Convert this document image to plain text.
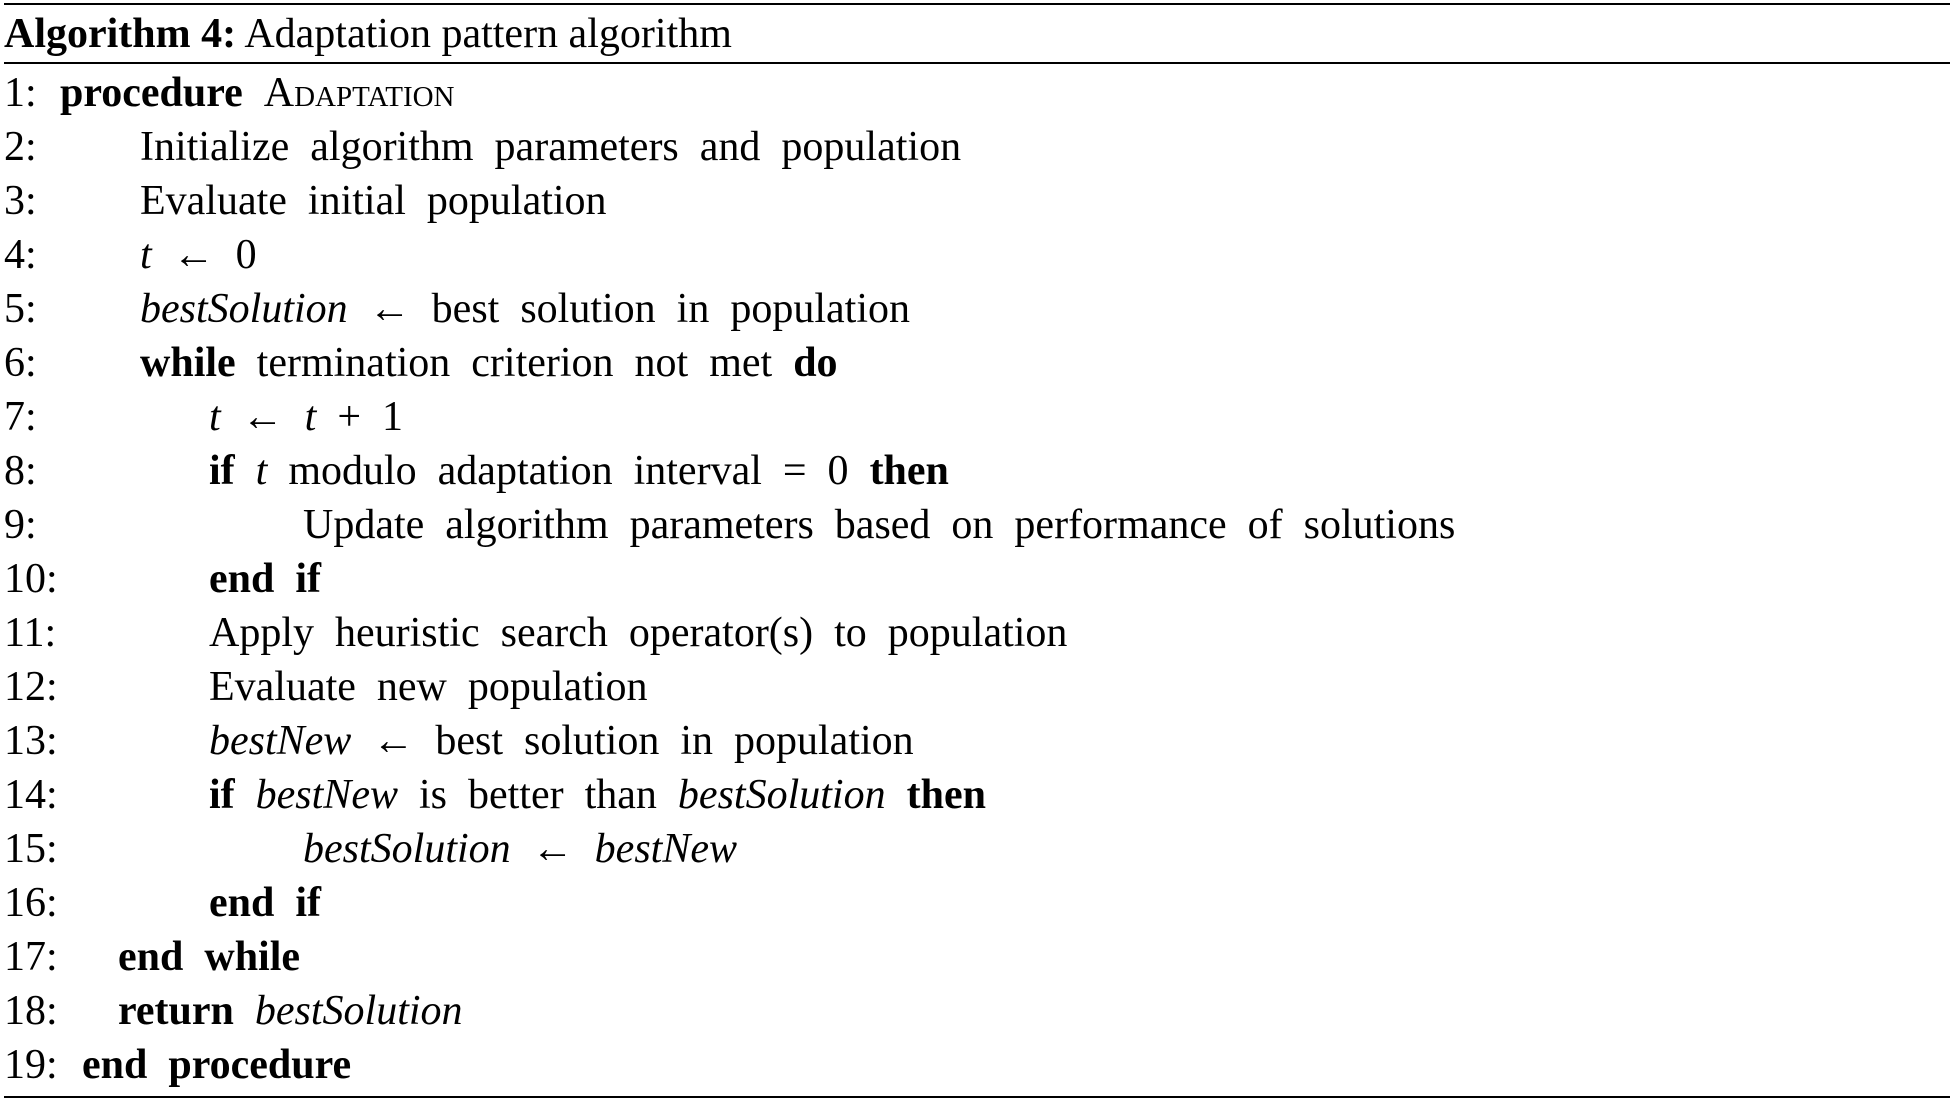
Algorithm 4: Adaptation pattern algorithm
1: procedure Adaptation
2: Initialize algorithm parameters and population
3: Evaluate initial population
4: t ← 0
5: bestSolution ← best solution in population
6: while termination criterion not met do
7:	t ← t + 1
8:	if t modulo adaptation interval = 0 then
9:	Update algorithm parameters based on performance of solutions
10:	end if
11:	Apply heuristic search operator(s) to population
12:	Evaluate new population
13:	bestNew ← best solution in population
14:	if bestNew is better than bestSolution then
15:	bestSolution ← bestNew
16:	end if
17: end while
18: return bestSolution
19: end procedure
